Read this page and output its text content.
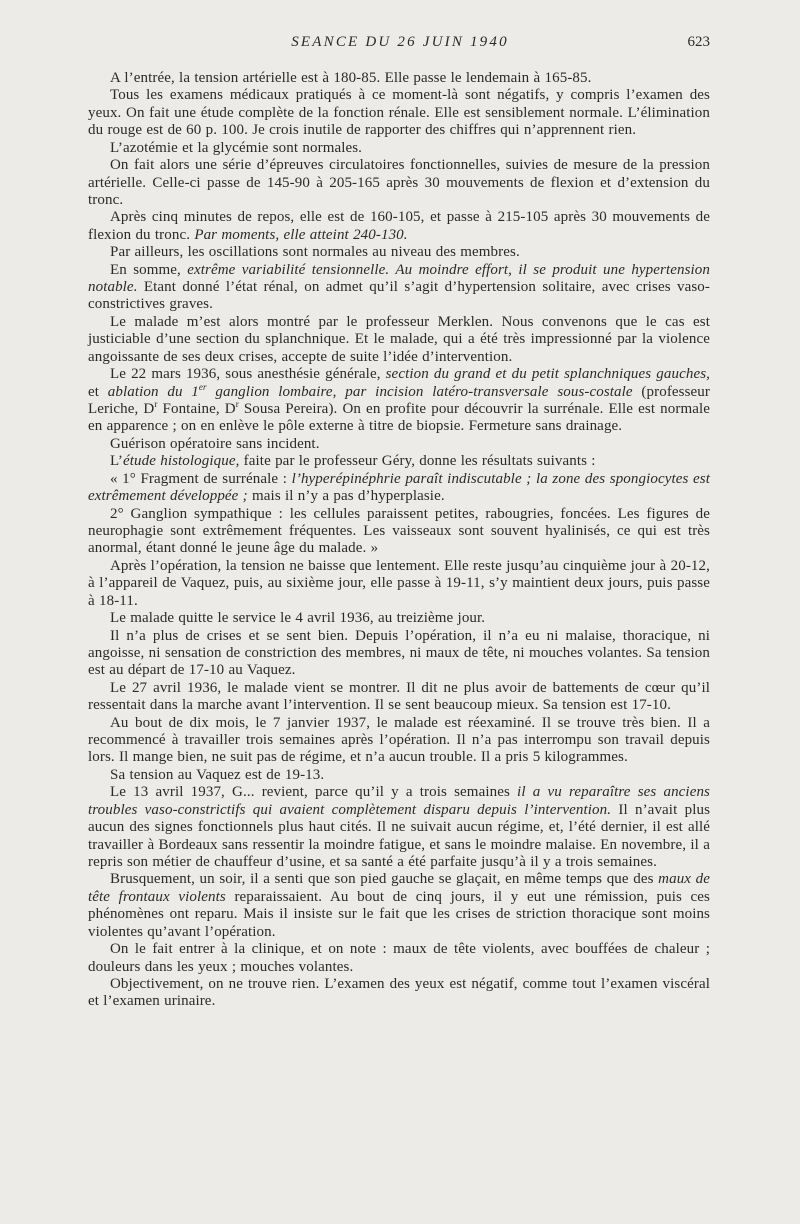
SEANCE DU 26 JUIN 1940	623

A l’entrée, la tension artérielle est à 180-85. Elle passe le lendemain à 165-85.

Tous les examens médicaux pratiqués à ce moment-là sont négatifs, y compris l’examen des yeux. On fait une étude complète de la fonction rénale. Elle est sensiblement normale. L’élimination du rouge est de 60 p. 100. Je crois inutile de rapporter des chiffres qui n’apprennent rien.

L’azotémie et la glycémie sont normales.

On fait alors une série d’épreuves circulatoires fonctionnelles, suivies de mesure de la pression artérielle. Celle-ci passe de 145-90 à 205-165 après 30 mouvements de flexion et d’extension du tronc.

Après cinq minutes de repos, elle est de 160-105, et passe à 215-105 après 30 mouvements de flexion du tronc. Par moments, elle atteint 240-130.

Par ailleurs, les oscillations sont normales au niveau des membres.

En somme, extrême variabilité tensionnelle. Au moindre effort, il se produit une hypertension notable. Etant donné l’état rénal, on admet qu’il s’agit d’hypertension solitaire, avec crises vaso-constrictives graves.

Le malade m’est alors montré par le professeur Merklen. Nous convenons que le cas est justiciable d’une section du splanchnique. Et le malade, qui a été très impressionné par la violence angoissante de ses deux crises, accepte de suite l’idée d’intervention.

Le 22 mars 1936, sous anesthésie générale, section du grand et du petit splanchniques gauches, et ablation du 1er ganglion lombaire, par incision latéro-transversale sous-costale (professeur Leriche, $D^r$ Fontaine, $D^r$ Sousa Pereira). On en profite pour découvrir la surrénale. Elle est normale en apparence ; on en enlève le pôle externe à titre de biopsie. Fermeture sans drainage.

Guérison opératoire sans incident.

L’étude histologique, faite par le professeur Géry, donne les résultats suivants :

« 1° Fragment de surrénale : l’hyperépinéphrie paraît indiscutable ; la zone des spongiocytes est extrêmement développée ; mais il n’y a pas d’hyperplasie.

2° Ganglion sympathique : les cellules paraissent petites, rabougries, foncées. Les figures de neurophagie sont extrêmement fréquentes. Les vaisseaux sont souvent hyalinisés, ce qui est très anormal, étant donné le jeune âge du malade. »

Après l’opération, la tension ne baisse que lentement. Elle reste jusqu’au cinquième jour à 20-12, à l’appareil de Vaquez, puis, au sixième jour, elle passe à 19-11, s’y maintient deux jours, puis passe à 18-11.

Le malade quitte le service le 4 avril 1936, au treizième jour.

Il n’a plus de crises et se sent bien. Depuis l’opération, il n’a eu ni malaise, thoracique, ni angoisse, ni sensation de constriction des membres, ni maux de tête, ni mouches volantes. Sa tension est au départ de 17-10 au Vaquez.

Le 27 avril 1936, le malade vient se montrer. Il dit ne plus avoir de battements de cœur qu’il ressentait dans la marche avant l’intervention. Il se sent beaucoup mieux. Sa tension est 17-10.

Au bout de dix mois, le 7 janvier 1937, le malade est réexaminé. Il se trouve très bien. Il a recommencé à travailler trois semaines après l’opération. Il n’a pas interrompu son travail depuis lors. Il mange bien, ne suit pas de régime, et n’a aucun trouble. Il a pris 5 kilogrammes.

Sa tension au Vaquez est de 19-13.

Le 13 avril 1937, G... revient, parce qu’il y a trois semaines il a vu reparaître ses anciens troubles vaso-constrictifs qui avaient complètement disparu depuis l’intervention. Il n’avait plus aucun des signes fonctionnels plus haut cités. Il ne suivait aucun régime, et, l’été dernier, il est allé travailler à Bordeaux sans ressentir la moindre fatigue, et sans le moindre malaise. En novembre, il a repris son métier de chauffeur d’usine, et sa santé a été parfaite jusqu’à il y a trois semaines.

Brusquement, un soir, il a senti que son pied gauche se glaçait, en même temps que des maux de tête frontaux violents reparaissaient. Au bout de cinq jours, il y eut une rémission, puis ces phénomènes ont reparu. Mais il insiste sur le fait que les crises de striction thoracique sont moins violentes qu’avant l’opération.

On le fait entrer à la clinique, et on note : maux de tête violents, avec bouffées de chaleur ; douleurs dans les yeux ; mouches volantes.

Objectivement, on ne trouve rien. L’examen des yeux est négatif, comme tout l’examen viscéral et l’examen urinaire.
